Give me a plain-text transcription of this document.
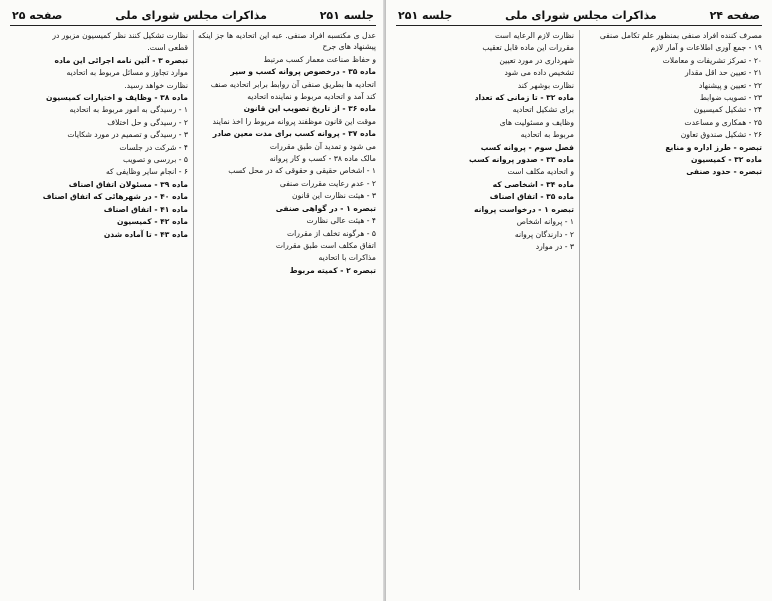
جلسه ۲۵۱
مذاکرات مجلس شورای ملی
صفحه ۲۵

عدل ی مکتسبه افراد صنفی. عبه این اتحادیه ها جز اینکه پیشنهاد های جرح

و حفاظ صناعت معمار کسب مرتبط

ماده ۳۵ - درخصوص پروانه کسب و سیر

اتحادیه ها بطریق صنفی آن روابط برابر اتحادیه صنف

کند آمد و اتحادیه مربوط و نماینده اتحادیه

ماده ۳۶ - از تاریخ تصویب این قانون

موقت این قانون موظفند پروانه مربوط را اخذ نمایند

ماده ۳۷ - پروانه کسب برای مدت معین صادر

می شود و تمدید آن طبق مقررات

مالک ماده ۳۸ - کسب و کار پروانه

۱ - اشخاص حقیقی و حقوقی که در محل کسب

۲ - عدم رعایت مقررات صنفی

۳ - هیئت نظارت این قانون

تبصره ۱ - در گواهی صنفی

۴ - هیئت عالی نظارت

۵ - هرگونه تخلف از مقررات

اتفاق مکلف است طبق مقررات

مذاکرات با اتحادیه

تبصره ۲ - کمیته مربوط

نظارت تشکیل کنند نظر کمیسیون مزبور در

قطعی است.

تبصره ۳ - آئین نامه اجرائی این ماده

موارد تجاوز و مسائل مربوط به اتحادیه

نظارت خواهد رسید.

ماده ۳۸ - وظایف و اختیارات کمیسیون

۱ - رسیدگی به امور مربوط به اتحادیه

۲ - رسیدگی و حل اختلاف

۳ - رسیدگی و تصمیم در مورد شکایات

۴ - شرکت در جلسات

۵ - بررسی و تصویب

۶ - انجام سایر وظایفی که

ماده ۳۹ - مسئولان اتفاق اصناف

ماده ۴۰ - در شهرهائی که اتفاق اصناف

ماده ۴۱ - اتفاق اصناف

ماده ۴۲ - کمیسیون

ماده ۴۳ - تا آماده شدن

صفحه ۲۴
مذاکرات مجلس شورای ملی
جلسه ۲۵۱

مصرف کننده افراد صنفی بمنظور علم تکامل صنفی

۱۹ - جمع آوری اطلاعات و آمار لازم

۲۰ - تمرکز تشریفات و معاملات

۲۱ - تعیین حد اقل مقدار

۲۲ - تعیین و پیشنهاد

۲۳ - تصویب ضوابط

۲۴ - تشکیل کمیسیون

۲۵ - همکاری و مساعدت

۲۶ - تشکیل صندوق تعاون

تبصره - طرز اداره و منابع

ماده ۳۲ - کمیسیون

تبصره - حدود صنفی

نظارت لازم الرعایه است

مقررات این ماده قابل تعقیب

شهرداری در مورد تعیین

تشخیص داده می شود

نظارت بوشهر کند

ماده ۳۲ - تا زمانی که تعداد

برای تشکیل اتحادیه

وظایف و مسئولیت های

مربوط به اتحادیه

فصل سوم - پروانه کسب

ماده ۳۳ - صدور پروانه کسب

و اتحادیه مکلف است

ماده ۳۴ - اشخاصی که

ماده ۳۵ - اتفاق اصناف

تبصره ۱ - درخواست پروانه

۱ - پروانه اشخاص

۲ - دارندگان پروانه

۳ - در موارد
